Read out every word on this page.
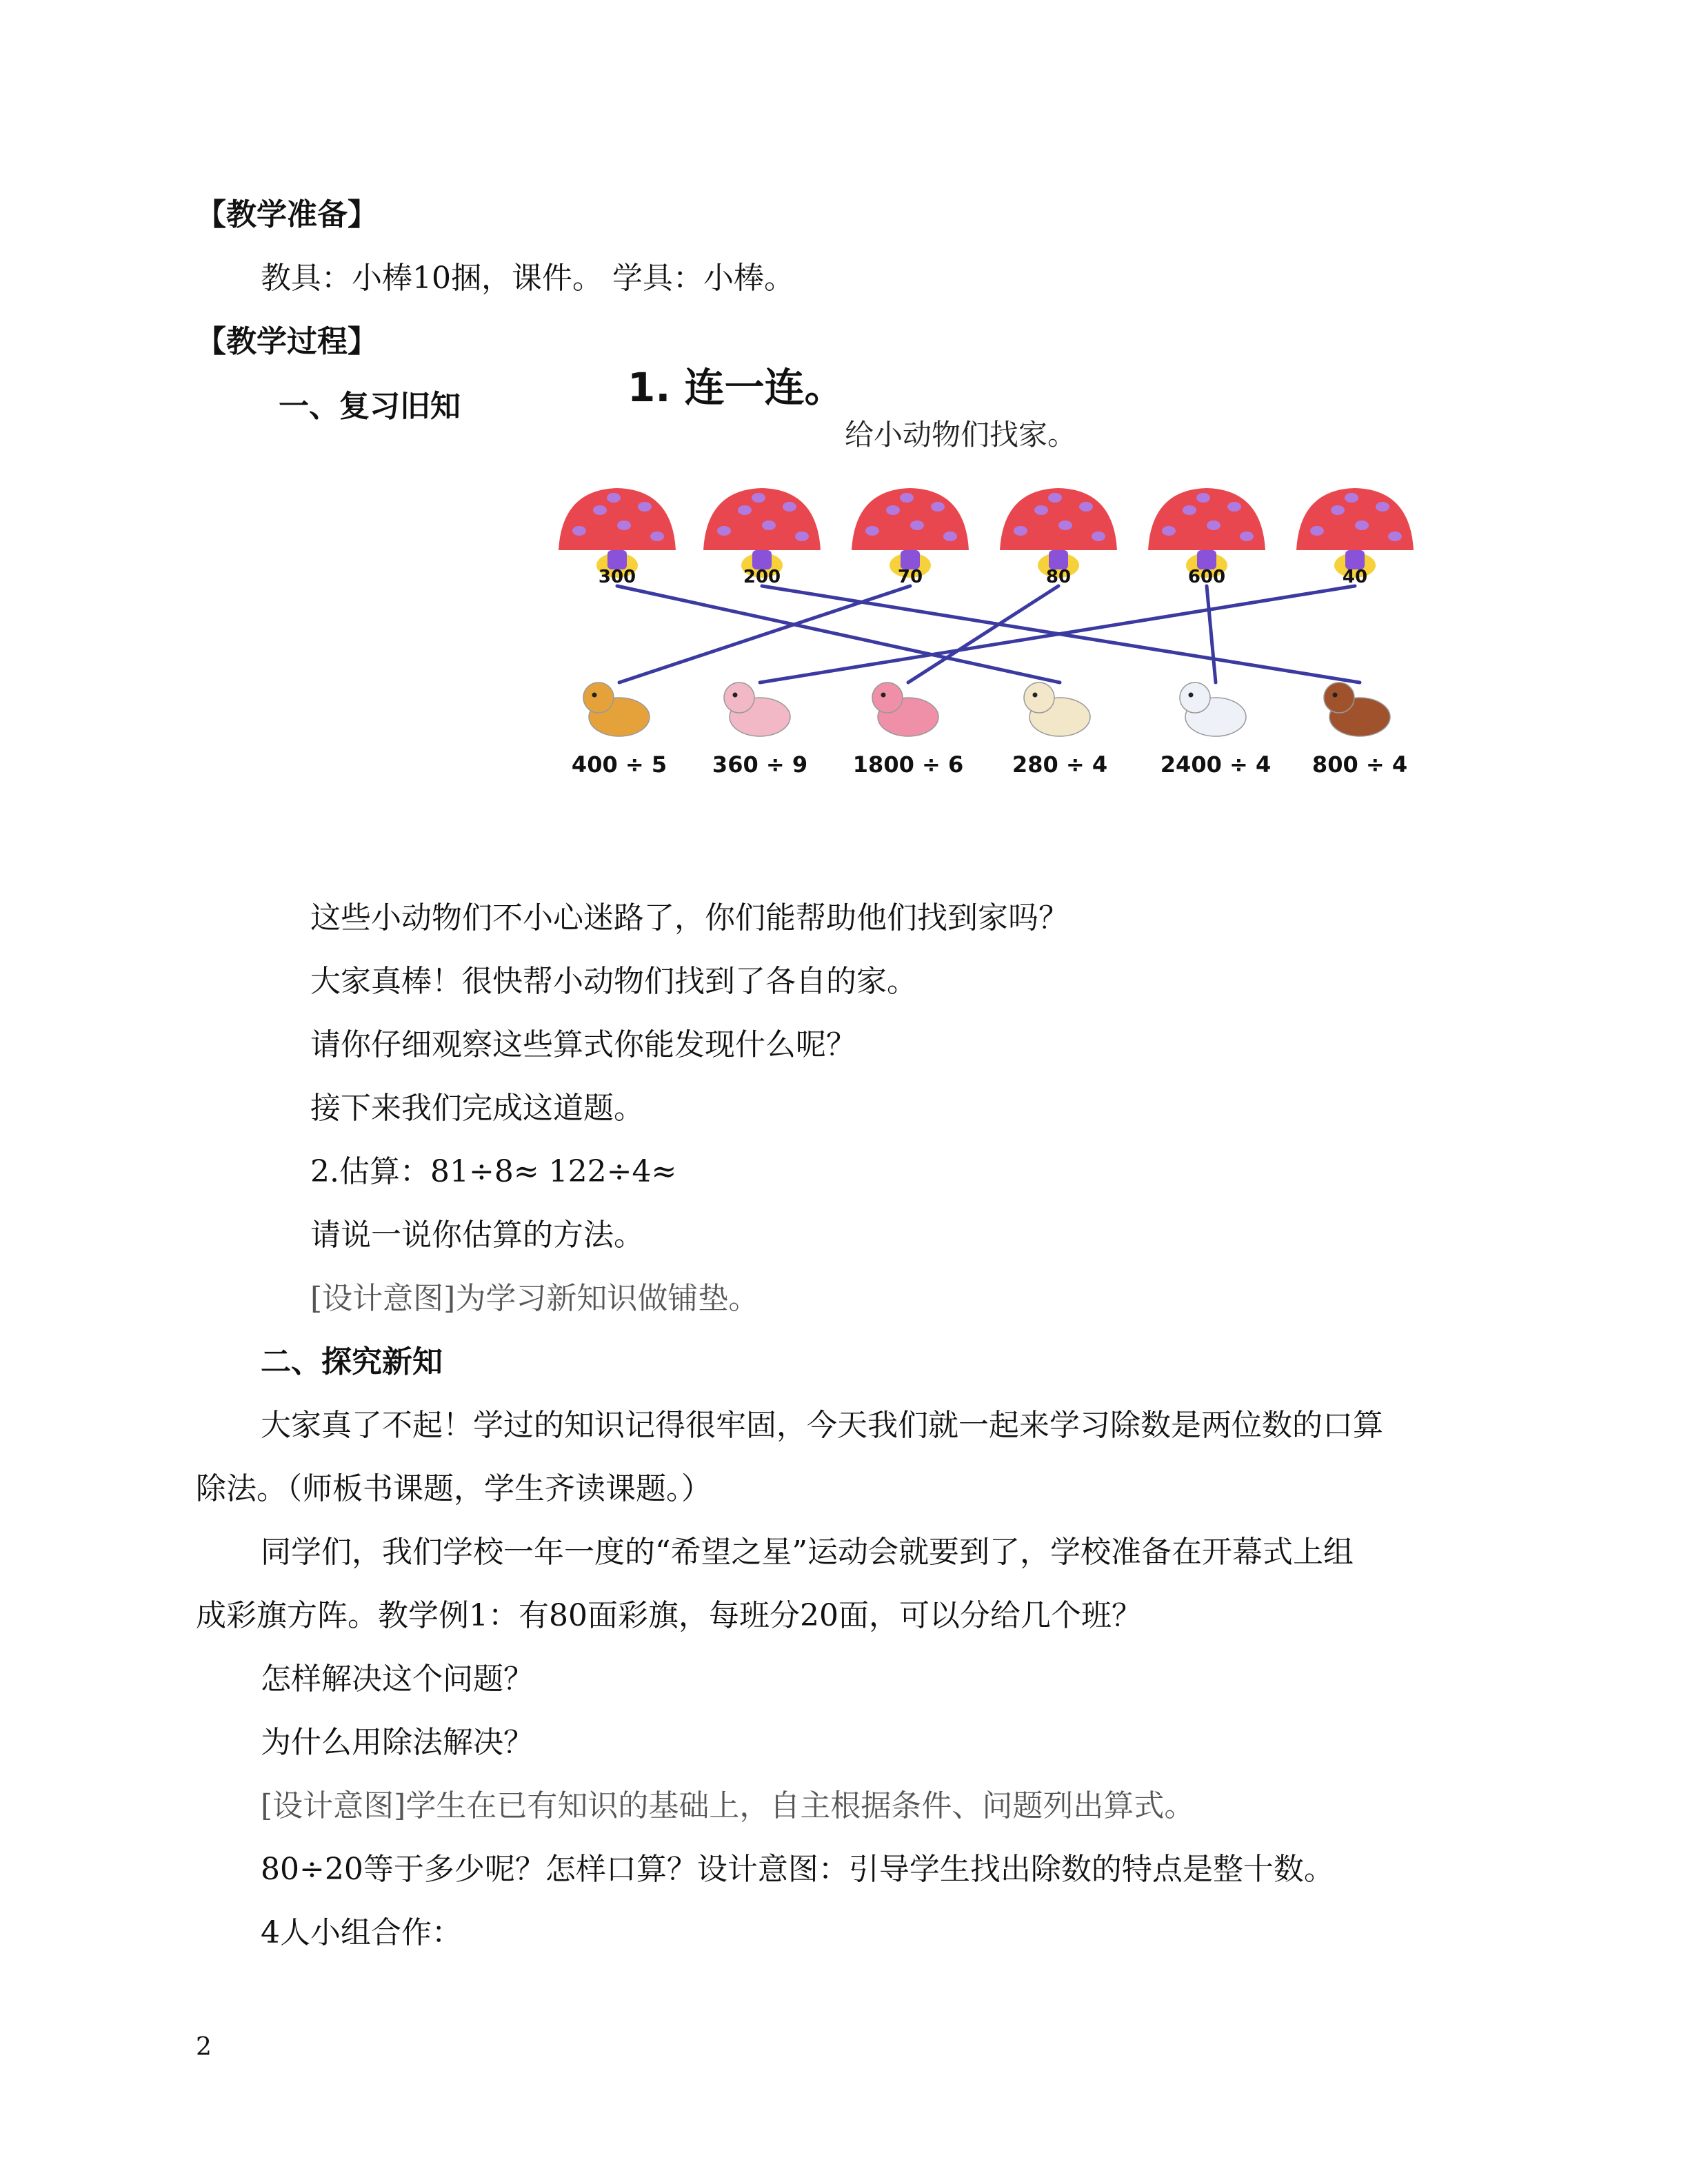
【教学准备】
教具：小棒10捆，课件。 学具：小棒。
【教学过程】
一、复习旧知	1. 连一连。
给小动物们找家。
300	200	70	80	600	40
400 ÷ 5 360 ÷ 9 1800 ÷ 6 280 ÷ 4 2400 ÷ 4 800 ÷ 4
这些小动物们不小心迷路了，你们能帮助他们找到家吗？
大家真棒！很快帮小动物们找到了各自的家。
请你仔细观察这些算式你能发现什么呢？
接下来我们完成这道题。
2.估算：81÷8≈ 122÷4≈
请说一说你估算的方法。
[设计意图]为学习新知识做铺垫。
二、探究新知
大家真了不起！学过的知识记得很牢固，今天我们就一起来学习除数是两位数的口算
除法。（师板书课题，学生齐读课题。）
同学们，我们学校一年一度的“希望之星”运动会就要到了，学校准备在开幕式上组
成彩旗方阵。教学例1：有80面彩旗，每班分20面，可以分给几个班？
怎样解决这个问题？
为什么用除法解决？
[设计意图]学生在已有知识的基础上，自主根据条件、问题列出算式。
80÷20等于多少呢？怎样口算？设计意图：引导学生找出除数的特点是整十数。
4人小组合作：
2
